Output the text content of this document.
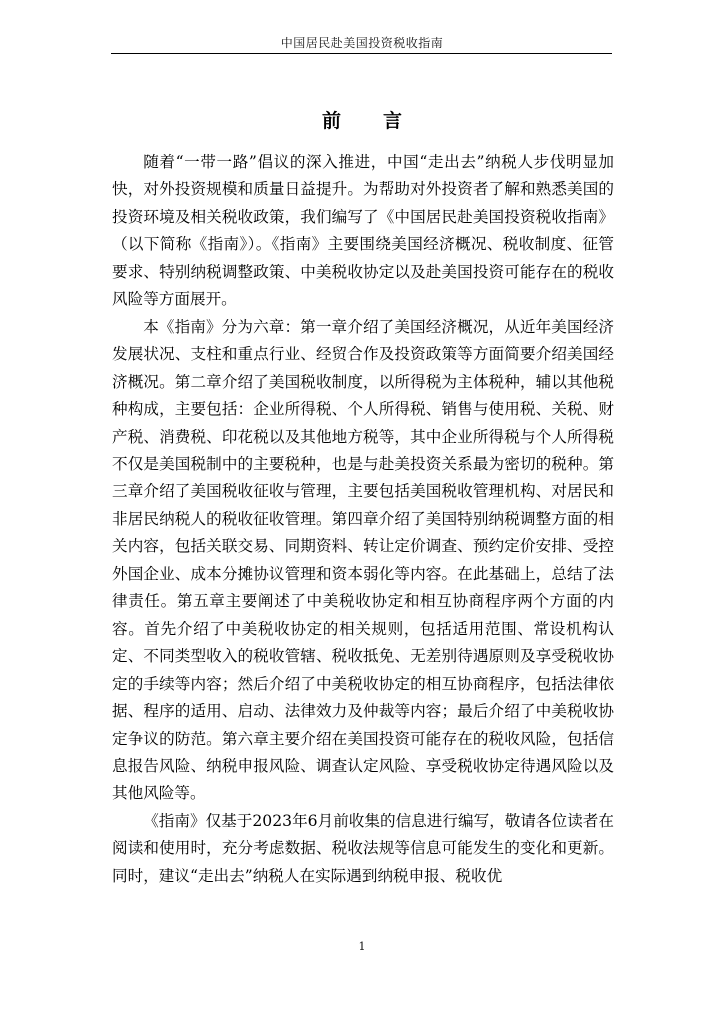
中国居民赴美国投资税收指南
前 言

随着“一带一路”倡议的深入推进，中国“走出去”纳税人步伐明显加快，对外投资规模和质量日益提升。为帮助对外投资者了解和熟悉美国的投资环境及相关税收政策，我们编写了《中国居民赴美国投资税收指南》（以下简称《指南》）。《指南》主要围绕美国经济概况、税收制度、征管要求、特别纳税调整政策、中美税收协定以及赴美国投资可能存在的税收风险等方面展开。

本《指南》分为六章：第一章介绍了美国经济概况，从近年美国经济发展状况、支柱和重点行业、经贸合作及投资政策等方面简要介绍美国经济概况。第二章介绍了美国税收制度，以所得税为主体税种，辅以其他税种构成，主要包括：企业所得税、个人所得税、销售与使用税、关税、财产税、消费税、印花税以及其他地方税等，其中企业所得税与个人所得税不仅是美国税制中的主要税种，也是与赴美投资关系最为密切的税种。第三章介绍了美国税收征收与管理，主要包括美国税收管理机构、对居民和非居民纳税人的税收征收管理。第四章介绍了美国特别纳税调整方面的相关内容，包括关联交易、同期资料、转让定价调查、预约定价安排、受控外国企业、成本分摊协议管理和资本弱化等内容。在此基础上，总结了法律责任。第五章主要阐述了中美税收协定和相互协商程序两个方面的内容。首先介绍了中美税收协定的相关规则，包括适用范围、常设机构认定、不同类型收入的税收管辖、税收抵免、无差别待遇原则及享受税收协定的手续等内容；然后介绍了中美税收协定的相互协商程序，包括法律依据、程序的适用、启动、法律效力及仲裁等内容；最后介绍了中美税收协定争议的防范。第六章主要介绍在美国投资可能存在的税收风险，包括信息报告风险、纳税申报风险、调查认定风险、享受税收协定待遇风险以及其他风险等。

《指南》仅基于2023年6月前收集的信息进行编写，敬请各位读者在阅读和使用时，充分考虑数据、税收法规等信息可能发生的变化和更新。同时，建议“走出去”纳税人在实际遇到纳税申报、税收优

1
